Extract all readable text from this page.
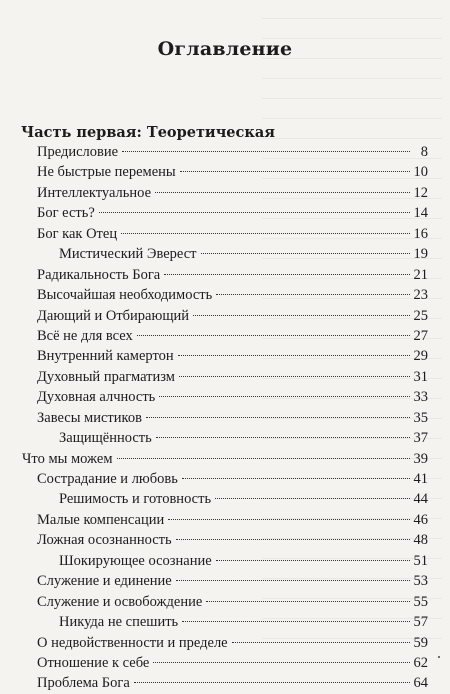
Оглавление
Часть первая: Теоретическая
Предисловие	8
Не быстрые перемены	10
Интеллектуальное	12
Бог есть?	14
Бог как Отец	16
Мистический Эверест	19
Радикальность Бога	21
Высочайшая необходимость	23
Дающий и Отбирающий	25
Всё не для всех	27
Внутренний камертон	29
Духовный прагматизм	31
Духовная алчность	33
Завесы мистиков	35
Защищённость	37
Что мы можем	39
Сострадание и любовь	41
Решимость и готовность	44
Малые компенсации	46
Ложная осознанность	48
Шокирующее осознание	51
Служение и единение	53
Служение и освобождение	55
Никуда не спешить	57
О недвойственности и пределе	59
Отношение к себе	62
Проблема Бога	64
